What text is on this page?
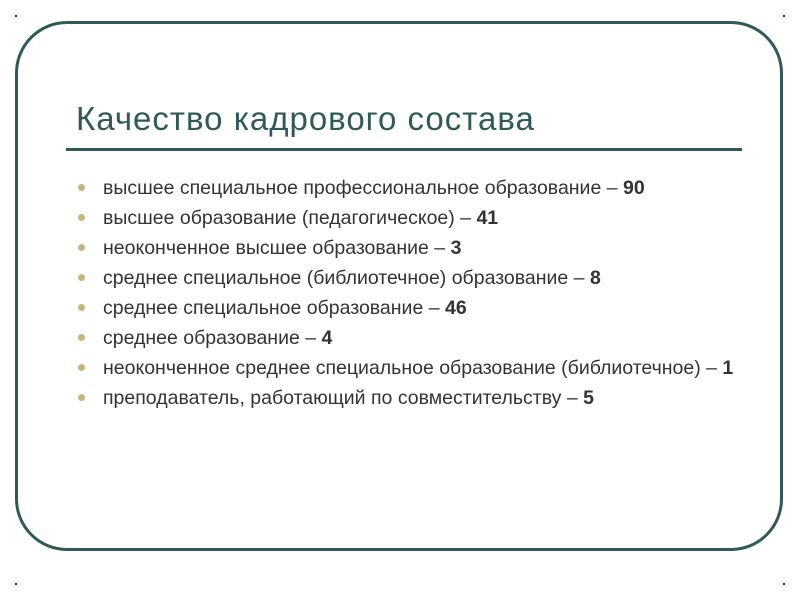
Качество кадрового состава
высшее специальное профессиональное образование – 90
высшее образование (педагогическое) – 41
неоконченное высшее образование – 3
среднее специальное (библиотечное) образование – 8
среднее специальное образование – 46
среднее образование – 4
неоконченное среднее специальное образование (библиотечное) – 1
преподаватель, работающий по совместительству – 5
